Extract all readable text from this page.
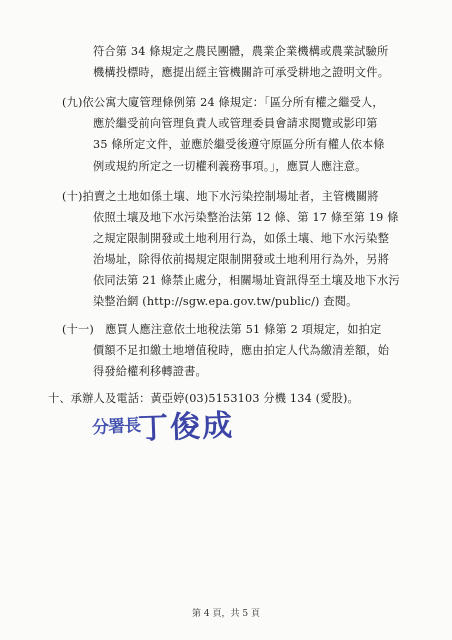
符合第 34 條規定之農民團體，農業企業機構或農業試驗所
機構投標時，應提出經主管機關許可承受耕地之證明文件。
(九)依公寓大廈管理條例第 24 條規定：「區分所有權之繼受人，
應於繼受前向管理負責人或管理委員會請求閱覽或影印第
35 條所定文件，並應於繼受後遵守原區分所有權人依本條
例或規約所定之一切權利義務事項。」，應買人應注意。
(十)拍賣之土地如係土壤、地下水污染控制場址者，主管機關將
依照土壤及地下水污染整治法第 12 條、第 17 條至第 19 條
之規定限制開發或土地利用行為，如係土壤、地下水污染整
治場址，除得依前揭規定限制開發或土地利用行為外，另將
依同法第 21 條禁止處分，相關場址資訊得至土壤及地下水污
染整治網 (http://sgw.epa.gov.tw/public/) 查閱。
(十一)　應買人應注意依土地稅法第 51 條第 2 項規定，如拍定
價額不足扣繳土地增值稅時，應由拍定人代為繳清差額，始
得發給權利移轉證書。
十、承辦人及電話：黃亞婷(03)5153103 分機 134 (愛股)。
分署長
丁俊成
第 4 頁，共 5 頁
